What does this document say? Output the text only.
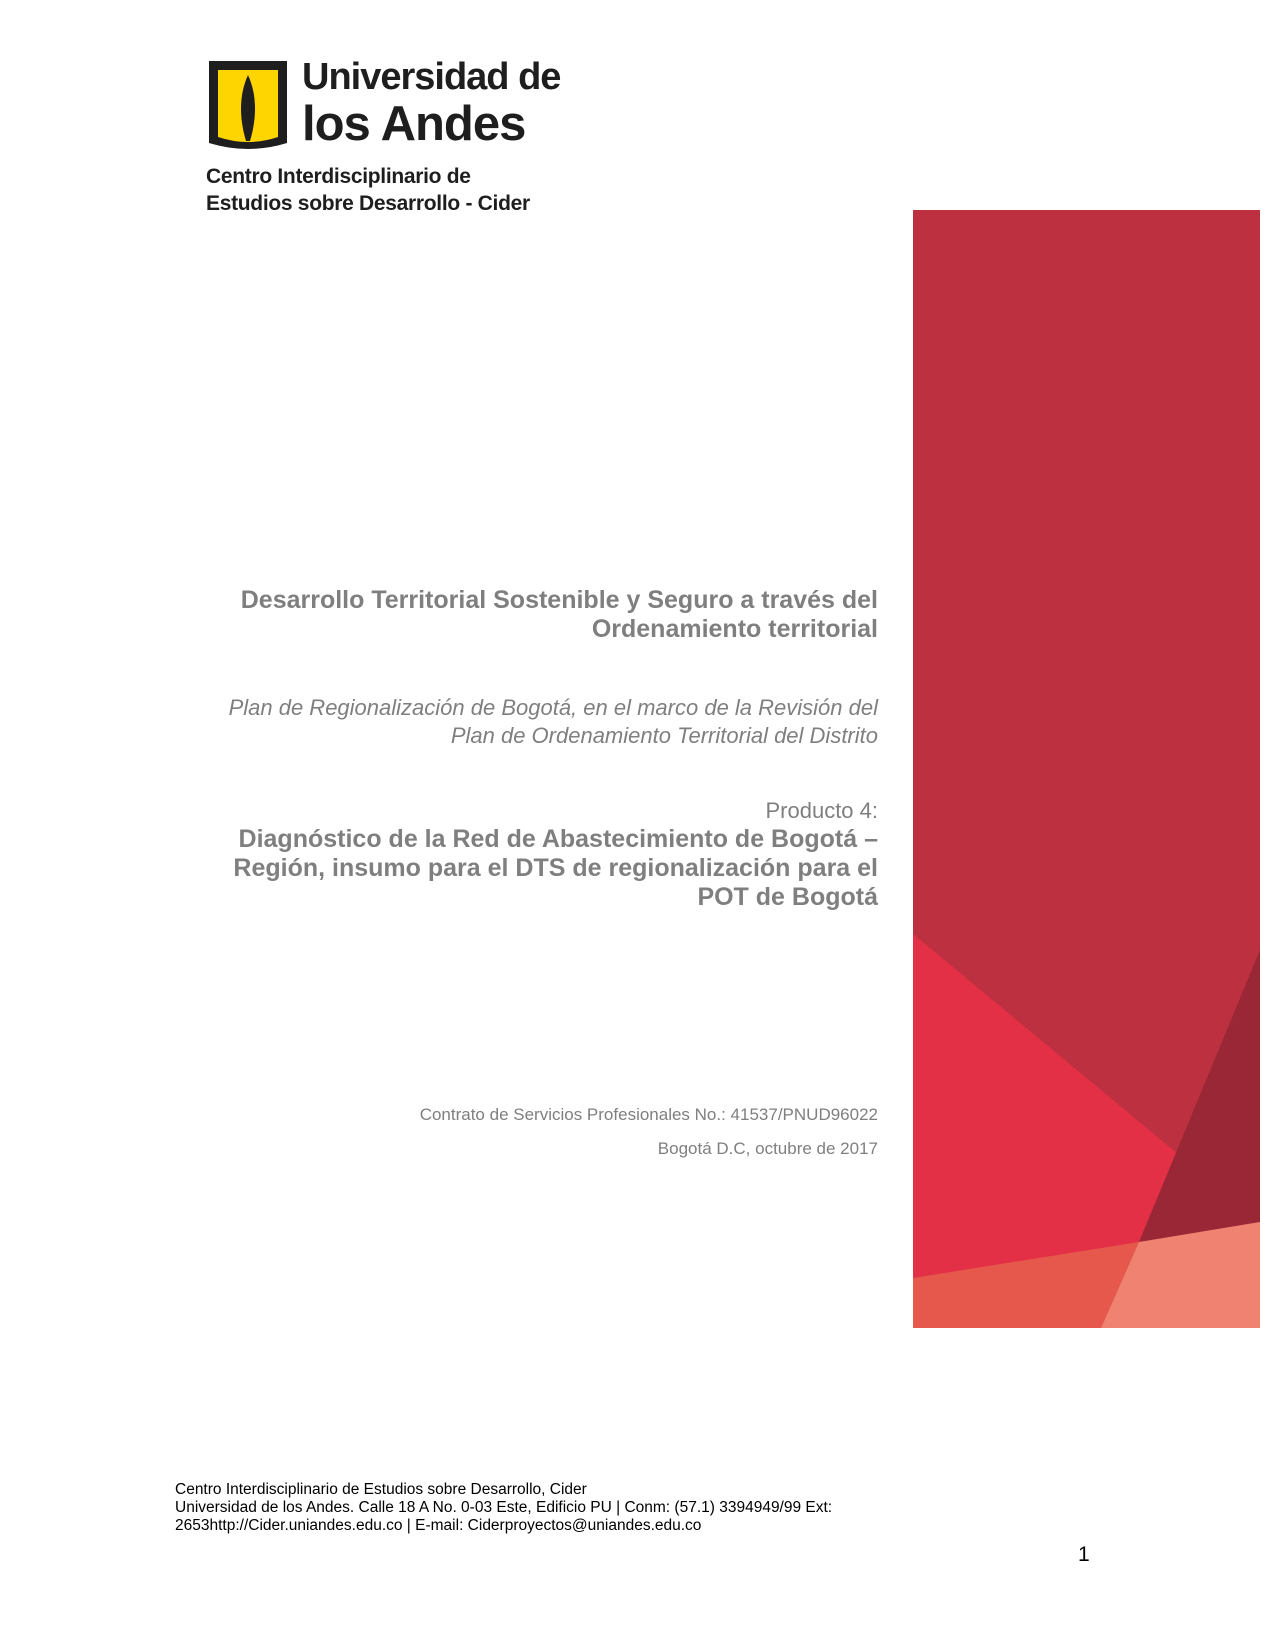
Universidad de
los Andes
Centro Interdisciplinario de
Estudios sobre Desarrollo - Cider
Desarrollo Territorial Sostenible y Seguro a través del
Ordenamiento territorial
Plan de Regionalización de Bogotá, en el marco de la Revisión del
Plan de Ordenamiento Territorial del Distrito
Producto 4:
Diagnóstico de la Red de Abastecimiento de Bogotá –
Región, insumo para el DTS de regionalización para el
POT de Bogotá
Contrato de Servicios Profesionales No.: 41537/PNUD96022
Bogotá D.C, octubre de 2017
Centro Interdisciplinario de Estudios sobre Desarrollo, Cider
Universidad de los Andes. Calle 18 A No. 0-03 Este, Edificio PU | Conm: (57.1) 3394949/99 Ext:
2653http://Cider.uniandes.edu.co | E-mail: Ciderproyectos@uniandes.edu.co
1
